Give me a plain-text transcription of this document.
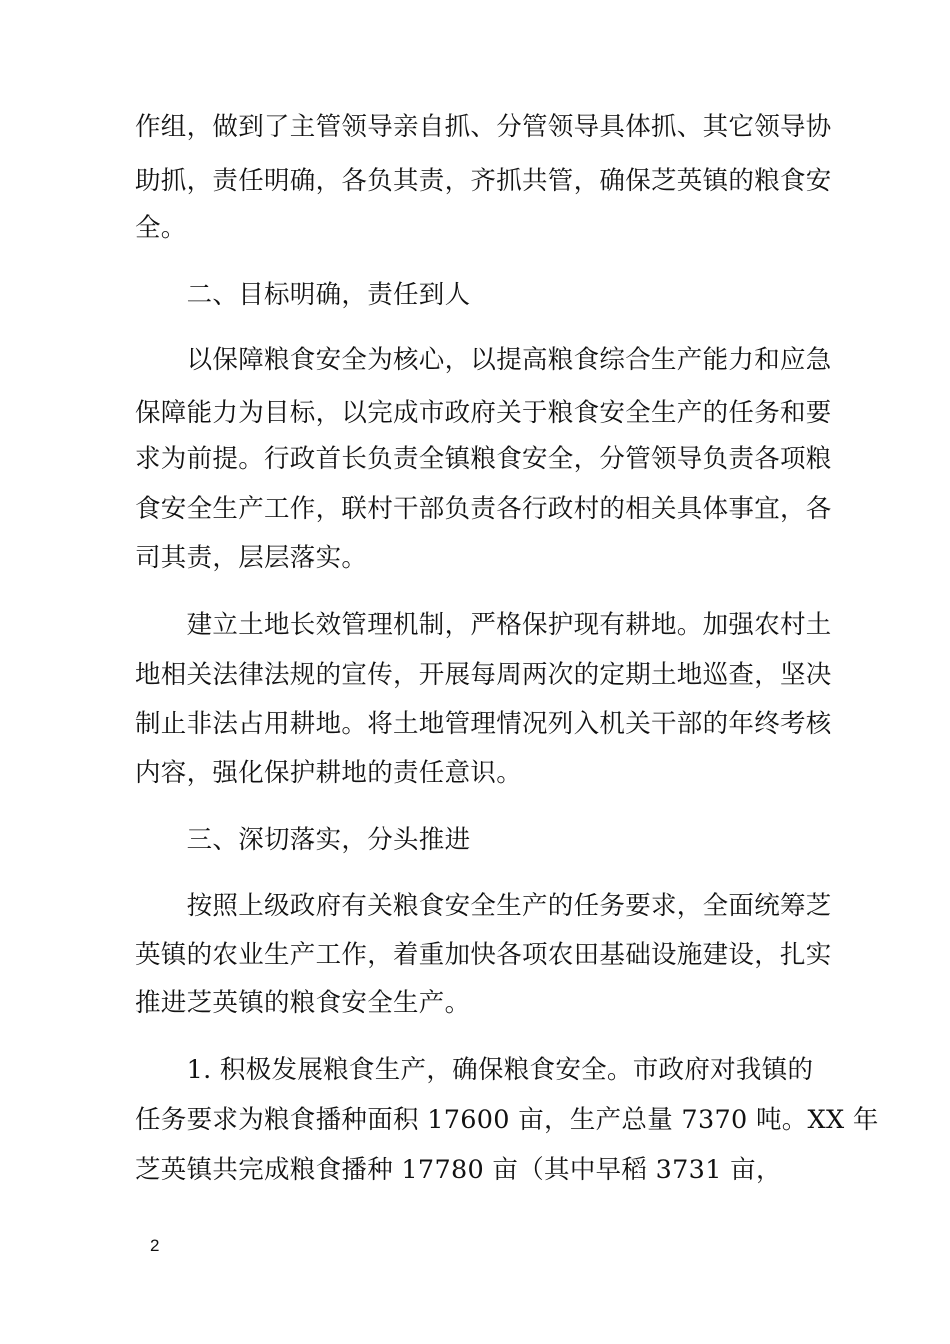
作组，做到了主管领导亲自抓、分管领导具体抓、其它领导协
助抓，责任明确，各负其责，齐抓共管，确保芝英镇的粮食安
全。
　　二、目标明确，责任到人
　　以保障粮食安全为核心，以提高粮食综合生产能力和应急
保障能力为目标，以完成市政府关于粮食安全生产的任务和要
求为前提。行政首长负责全镇粮食安全，分管领导负责各项粮
食安全生产工作，联村干部负责各行政村的相关具体事宜，各
司其责，层层落实。
　　建立土地长效管理机制，严格保护现有耕地。加强农村土
地相关法律法规的宣传，开展每周两次的定期土地巡查，坚决
制止非法占用耕地。将土地管理情况列入机关干部的年终考核
内容，强化保护耕地的责任意识。
　　三、深切落实，分头推进
　　按照上级政府有关粮食安全生产的任务要求，全面统筹芝
英镇的农业生产工作，着重加快各项农田基础设施建设，扎实
推进芝英镇的粮食安全生产。
　　1. 积极发展粮食生产，确保粮食安全。市政府对我镇的
任务要求为粮食播种面积 17600 亩，生产总量 7370 吨。XX 年
芝英镇共完成粮食播种 17780 亩（其中早稻 3731 亩，
2
